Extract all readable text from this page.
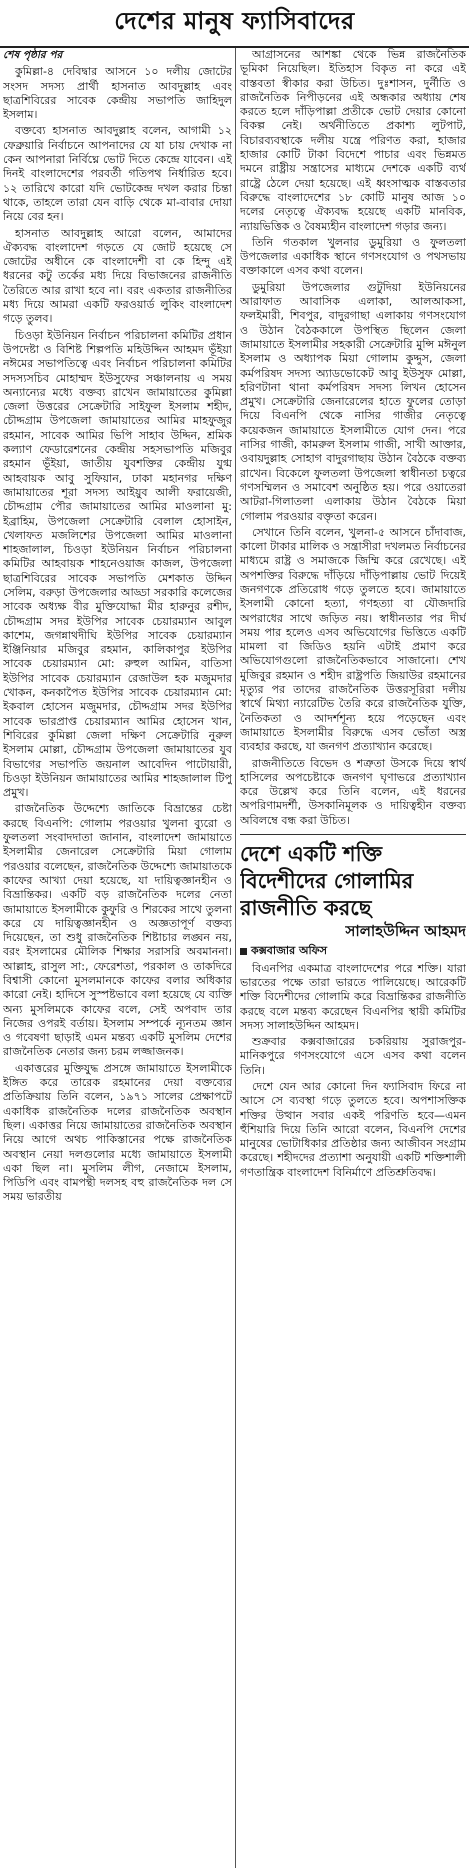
দেশের মানুষ ফ্যাসিবাদের
শেষ পৃষ্ঠার পর

কুমিল্লা-৪ দেবিদ্বার আসনে ১০ দলীয় জোটের সংসদ সদস্য প্রার্থী হাসনাত আবদুল্লাহ এবং ছাত্রশিবিরের সাবেক কেন্দ্রীয় সভাপতি জাহিদুল ইসলাম।

বক্তব্যে হাসনাত আবদুল্লাহ বলেন, আগামী ১২ ফেব্রুয়ারি নির্বাচনে আপনাদের যে যা চায় দেখাক না কেন আপনারা নির্বিঘ্নে ভোট দিতে কেন্দ্রে যাবেন। এই দিনই বাংলাদেশের পরবর্তী গতিপথ নির্ধারিত হবে। ১২ তারিখে কারো যদি ভোটকেন্দ্র দখল করার চিন্তা থাকে, তাহলে তারা যেন বাড়ি থেকে মা-বাবার দোয়া নিয়ে বের হন।

হাসনাত আবদুল্লাহ আরো বলেন, আমাদের ঐক্যবদ্ধ বাংলাদেশ গড়তে যে জোট হয়েছে সে জোটের অধীনে কে বাংলাদেশী বা কে হিন্দু এই ধরনের কটু তর্কের মধ্য দিয়ে বিভাজনের রাজনীতি তৈরিতে আর রাখা হবে না। বরং একতার রাজনীতির মধ্য দিয়ে আমরা একটি ফরওয়ার্ড লুকিং বাংলাদেশ গড়ে তুলব।

চিওড়া ইউনিয়ন নির্বাচন পরিচালনা কমিটির প্রধান উপদেষ্টা ও বিশিষ্ট শিল্পপতি মহিউদ্দিন আহমদ ভূঁইয়া নঈমের সভাপতিত্বে এবং নির্বাচন পরিচালনা কমিটির সদস্যসচিব মোহাম্মদ ইউসুফের সঞ্চালনায় এ সময় অন্যান্যের মধ্যে বক্তব্য রাখেন জামায়াতের কুমিল্লা জেলা উত্তরের সেক্রেটারি সাইফুল ইসলাম শহীদ, চৌদ্দগ্রাম উপজেলা জামায়াতের আমির মাহফুজুর রহমান, সাবেক আমির ভিপি সাহাব উদ্দিন, শ্রমিক কল্যাণ ফেডারেশনের কেন্দ্রীয় সহসভাপতি মজিবুর রহমান ভূঁইয়া, জাতীয় যুবশক্তির কেন্দ্রীয় যুগ্ম আহবায়ক আবু সুফিয়ান, ঢাকা মহানগর দক্ষিণ জামায়াতের শূরা সদস্য আইয়ুব আলী ফরায়েজী, চৌদ্দগ্রাম পৌর জামায়াতের আমির মাওলানা মু: ইব্রাহিম, উপজেলা সেক্রেটারি বেলাল হোসাইন, খেলাফত মজলিশের উপজেলা আমির মাওলানা শাহজালাল, চিওড়া ইউনিয়ন নির্বাচন পরিচালনা কমিটির আহবায়ক শাহনেওয়াজ কাজল, উপজেলা ছাত্রশিবিরের সাবেক সভাপতি মেশকাত উদ্দিন সেলিম, বরুড়া উপজেলার আড্ডা সরকারি কলেজের সাবেক অধ্যক্ষ বীর মুক্তিযোদ্ধা মীর হারুনুর রশীদ, চৌদ্দগ্রাম সদর ইউপির সাবেক চেয়ারম্যান আবুল কাশেম, জগন্নাথদীঘি ইউপির সাবেক চেয়ারম্যান ইঞ্জিনিয়ার মজিবুর রহমান, কালিকাপুর ইউপির সাবেক চেয়ারম্যান মো: রুহুল আমিন, বাতিসা ইউপির সাবেক চেয়ারম্যান রেজাউল হক মজুমদার খোকন, কনকাপৈত ইউপির সাবেক চেয়ারম্যান মো: ইকবাল হোসেন মজুমদার, চৌদ্দগ্রাম সদর ইউপির সাবেক ভারপ্রাপ্ত চেয়ারম্যান আমির হোসেন খান, শিবিরের কুমিল্লা জেলা দক্ষিণ সেক্রেটারি নুরুল ইসলাম মোল্লা, চৌদ্দগ্রাম উপজেলা জামায়াতের যুব বিভাগের সভাপতি জয়নাল আবেদিন পাটোয়ারী, চিওড়া ইউনিয়ন জামায়াতের আমির শাহজালাল টিপু প্রমুখ।

রাজনৈতিক উদ্দেশ্যে জাতিকে বিভ্রান্তের চেষ্টা করছে বিএনপি: গোলাম পরওয়ার খুলনা ব্যুরো ও ফুলতলা সংবাদদাতা জানান, বাংলাদেশ জামায়াতে ইসলামীর জেনারেল সেক্রেটারি মিয়া গোলাম পরওয়ার বলেছেন, রাজনৈতিক উদ্দেশ্যে জামায়াতকে কাফের আখ্যা দেয়া হয়েছে, যা দায়িত্বজ্ঞানহীন ও বিভ্রান্তিকর। একটি বড় রাজনৈতিক দলের নেতা জামায়াতে ইসলামীকে কুফুরি ও শিরকের সাথে তুলনা করে যে দায়িত্বজ্ঞানহীন ও অজ্ঞতাপূর্ণ বক্তব্য দিয়েছেন, তা শুধু রাজনৈতিক শিষ্টাচার লঙ্ঘন নয়, বরং ইসলামের মৌলিক শিক্ষার সরাসরি অবমাননা। আল্লাহ, রাসুল সা:, ফেরেশতা, পরকাল ও তাকদিরে বিশ্বাসী কোনো মুসলমানকে কাফের বলার অধিকার কারো নেই। হাদিসে সুস্পষ্টভাবে বলা হয়েছে যে ব্যক্তি অন্য মুসলিমকে কাফের বলে, সেই অপবাদ তার নিজের ওপরই বর্তায়। ইসলাম সম্পর্কে ন্যূনতম জ্ঞান ও গবেষণা ছাড়াই এমন মন্তব্য একটি মুসলিম দেশের রাজনৈতিক নেতার জন্য চরম লজ্জাজনক।

একাত্তরের মুক্তিযুদ্ধ প্রসঙ্গে জামায়াতে ইসলামীকে ইঙ্গিত করে তারেক রহমানের দেয়া বক্তব্যের প্রতিক্রিয়ায় তিনি বলেন, ১৯৭১ সালের প্রেক্ষাপটে একাধিক রাজনৈতিক দলের রাজনৈতিক অবস্থান ছিল। একাত্তর নিয়ে জামায়াতের রাজনৈতিক অবস্থান নিয়ে আগে অথচ পাকিস্তানের পক্ষে রাজনৈতিক অবস্থান নেয়া দলগুলোর মধ্যে জামায়াতে ইসলামী একা ছিল না। মুসলিম লীগ, নেজামে ইসলাম, পিডিপি এবং বামপন্থী দলসহ বহু রাজনৈতিক দল সে সময় ভারতীয়

আগ্রাসনের আশঙ্কা থেকে ভিন্ন রাজনৈতিক ভূমিকা নিয়েছিল। ইতিহাস বিকৃত না করে এই বাস্তবতা স্বীকার করা উচিত। দুঃশাসন, দুর্নীতি ও রাজনৈতিক নিপীড়নের এই অন্ধকার অধ্যায় শেষ করতে হলে দাঁড়িপাল্লা প্রতীকে ভোট দেয়ার কোনো বিকল্প নেই। অর্থনীতিতে প্রকাশ্য লুটপাট, বিচারব্যবস্থাকে দলীয় যন্ত্রে পরিণত করা, হাজার হাজার কোটি টাকা বিদেশে পাচার এবং ভিন্নমত দমনে রাষ্ট্রীয় সন্ত্রাসের মাধ্যমে দেশকে একটি ব্যর্থ রাষ্ট্রে ঠেলে দেয়া হয়েছে। এই ধ্বংসাত্মক বাস্তবতার বিরুদ্ধে বাংলাদেশের ১৮ কোটি মানুষ আজ ১০ দলের নেতৃত্বে ঐক্যবদ্ধ হয়েছে একটি মানবিক, ন্যায়ভিত্তিক ও বৈষম্যহীন বাংলাদেশ গড়ার জন্য।

তিনি গতকাল খুলনার ডুমুরিয়া ও ফুলতলা উপজেলার একাধিক স্থানে গণসংযোগ ও পথসভায় বক্তাকালে এসব কথা বলেন।

ডুমুরিয়া উপজেলার গুটুদিয়া ইউনিয়নের আরাফাত আবাসিক এলাকা, আলআকসা, ফলইমারী, শিবপুর, বাদুরগাছা এলাকায় গণসংযোগ ও উঠান বৈঠককালে উপস্থিত ছিলেন জেলা জামায়াতে ইসলামীর সহকারী সেক্রেটারি মুন্সি মঈনুল ইসলাম ও অধ্যাপক মিয়া গোলাম কুদ্দুস, জেলা কর্মপরিষদ সদস্য অ্যাডভোকেট আবু ইউসুফ মোল্লা, হরিণটানা থানা কর্মপরিষদ সদস্য লিখন হোসেন প্রমুখ। সেক্রেটারি জেনারেলের হাতে ফুলের তোড়া দিয়ে বিএনপি থেকে নাসির গাজীর নেতৃত্বে কয়েকজন জামায়াতে ইসলামীতে যোগ দেন। পরে নাসির গাজী, কামরুল ইসলাম গাজী, সাখী আক্তার, ওবায়দুল্লাহ সোহাগ বাদুরগাছায় উঠান বৈঠকে বক্তব্য রাখেন। বিকেলে ফুলতলা উপজেলা স্বাধীনতা চত্বরে গণসম্মিলন ও সমাবেশ অনুষ্ঠিত হয়। পরে ওয়াতেরা আটরা-গিলাতলা এলাকায় উঠান বৈঠকে মিয়া গোলাম পরওয়ার বক্তৃতা করেন।

সেখানে তিনি বলেন, খুলনা-৫ আসনে চাঁদাবাজ, কালো টাকার মালিক ও সন্ত্রাসীরা দখলমত নির্বাচনের মাধ্যমে রাষ্ট্র ও সমাজকে জিম্মি করে রেখেছে। এই অপশক্তির বিরুদ্ধে দাঁড়িয়ে দাঁড়িপাল্লায় ভোট দিয়েই জনগণকে প্রতিরোধ গড়ে তুলতে হবে। জামায়াতে ইসলামী কোনো হত্যা, গণহত্যা বা যৌজদারি অপরাধের সাথে জড়িত নয়। স্বাধীনতার পর দীর্ঘ সময় পার হলেও এসব অভিযোগের ভিত্তিতে একটি মামলা বা জিডিও হয়নি এটাই প্রমাণ করে অভিযোগগুলো রাজনৈতিকভাবে সাজানো। শেখ মুজিবুর রহমান ও শহীদ রাষ্ট্রপতি জিয়াউর রহমানের মৃত্যুর পর তাদের রাজনৈতিক উত্তরসূরিরা দলীয় স্বার্থে মিথ্যা ন্যারেটিভ তৈরি করে রাজনৈতিক যুক্তি, নৈতিকতা ও আদর্শশূন্য হয়ে পড়েছেন এবং জামায়াতে ইসলামীর বিরুদ্ধে এসব ভোঁতা অস্ত্র ব্যবহার করছে, যা জনগণ প্রত্যাখ্যান করেছে।

রাজনীতিতে বিভেদ ও শত্রুতা উসকে দিয়ে স্বার্থ হাসিলের অপচেষ্টাকে জনগণ ঘৃণাভরে প্রত্যাখ্যান করে উল্লেখ করে তিনি বলেন, এই ধরনের অপরিণামদর্শী, উসকানিমূলক ও দায়িত্বহীন বক্তব্য অবিলম্বে বন্ধ করা উচিত।

দেশে একটি শক্তি বিদেশীদের গোলামির রাজনীতি করছে
সালাহউদ্দিন আহমদ
কক্সবাজার অফিস

বিএনপির একমাত্র বাংলাদেশের পরে শক্তি। যারা ভারতের পক্ষে তারা ভারতে পালিয়েছে। আরেকটি শক্তি বিদেশীদের গোলামি করে বিভ্রান্তিকর রাজনীতি করছে বলে মন্তব্য করেছেন বিএনপির স্থায়ী কমিটির সদস্য সালাহউদ্দিন আহমদ।

শুক্রবার কক্সবাজারের চকরিয়ায় সুরাজপুর- মানিকপুরে গণসংযোগে এসে এসব কথা বলেন তিনি।

দেশে যেন আর কোনো দিন ফ্যাসিবাদ ফিরে না আসে সে ব্যবস্থা গড়ে তুলতে হবে। অপশাসক্তিক শক্তির উত্থান সবার একই পরিণতি হবে—এমন হুঁশিয়ারি দিয়ে তিনি আরো বলেন, বিএনপি দেশের মানুষের ভোটাধিকার প্রতিষ্ঠার জন্য আজীবন সংগ্রাম করেছে। শহীদদের প্রত্যাশা অনুযায়ী একটি শক্তিশালী গণতান্ত্রিক বাংলাদেশ বিনির্মাণে প্রতিশ্রুতিবদ্ধ।
